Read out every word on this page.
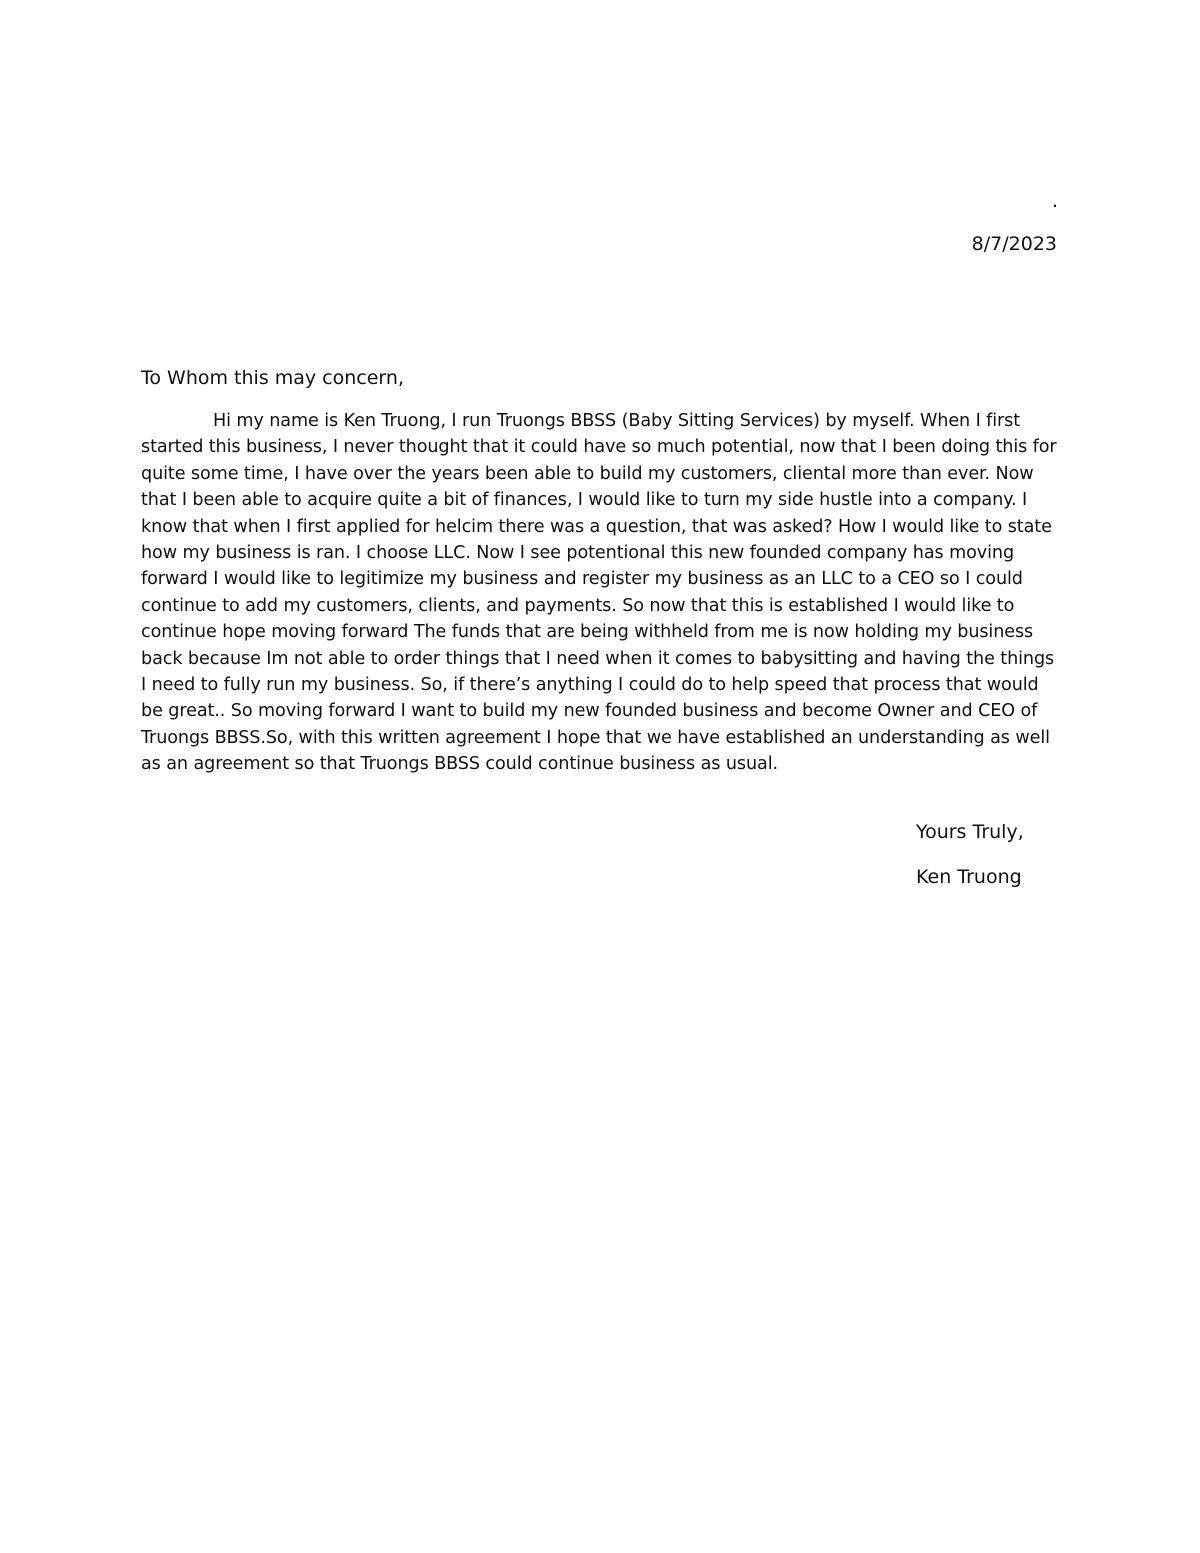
.
8/7/2023
To Whom this may concern,

Hi my name is Ken Truong, I run Truongs BBSS (Baby Sitting Services) by myself. When I first started this business, I never thought that it could have so much potential, now that I been doing this for quite some time, I have over the years been able to build my customers, cliental more than ever. Now that I been able to acquire quite a bit of finances, I would like to turn my side hustle into a company. I know that when I first applied for helcim there was a question, that was asked? How I would like to state how my business is ran. I choose LLC. Now I see potentional this new founded company has moving forward I would like to legitimize my business and register my business as an LLC to a CEO so I could continue to add my customers, clients, and payments. So now that this is established I would like to continue hope moving forward The funds that are being withheld from me is now holding my business back because Im not able to order things that I need when it comes to babysitting and having the things I need to fully run my business. So, if there’s anything I could do to help speed that process that would be great.. So moving forward I want to build my new founded business and become Owner and CEO of Truongs BBSS.So, with this written agreement I hope that we have established an understanding as well as an agreement so that Truongs BBSS could continue business as usual.

Yours Truly,
Ken Truong
